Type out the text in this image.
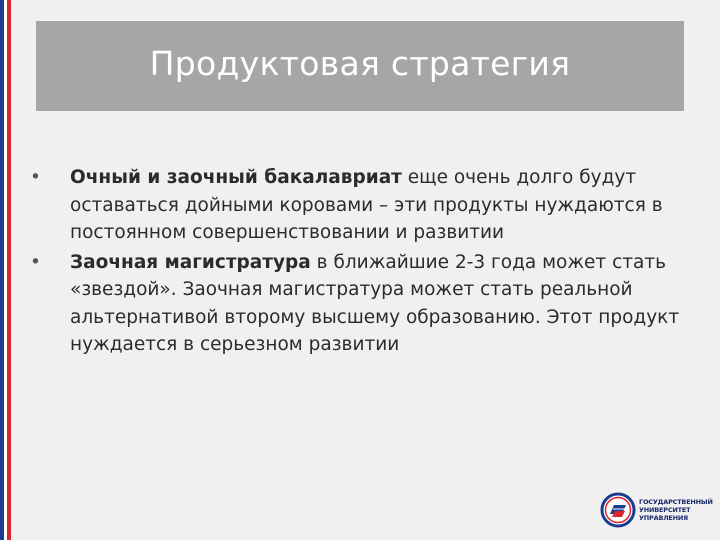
Продуктовая стратегия
•	Очный и заочный бакалавриат еще очень долго будут оставаться дойными коровами – эти продукты нуждаются в постоянном совершенствовании и развитии
•	Заочная магистратура в ближайшие 2-3 года может стать «звездой». Заочная магистратура может стать реальной альтернативой второму высшему образованию. Этот продукт нуждается в серьезном развитии
ГОСУДАРСТВЕННЫЙ
УНИВЕРСИТЕТ
УПРАВЛЕНИЯ
